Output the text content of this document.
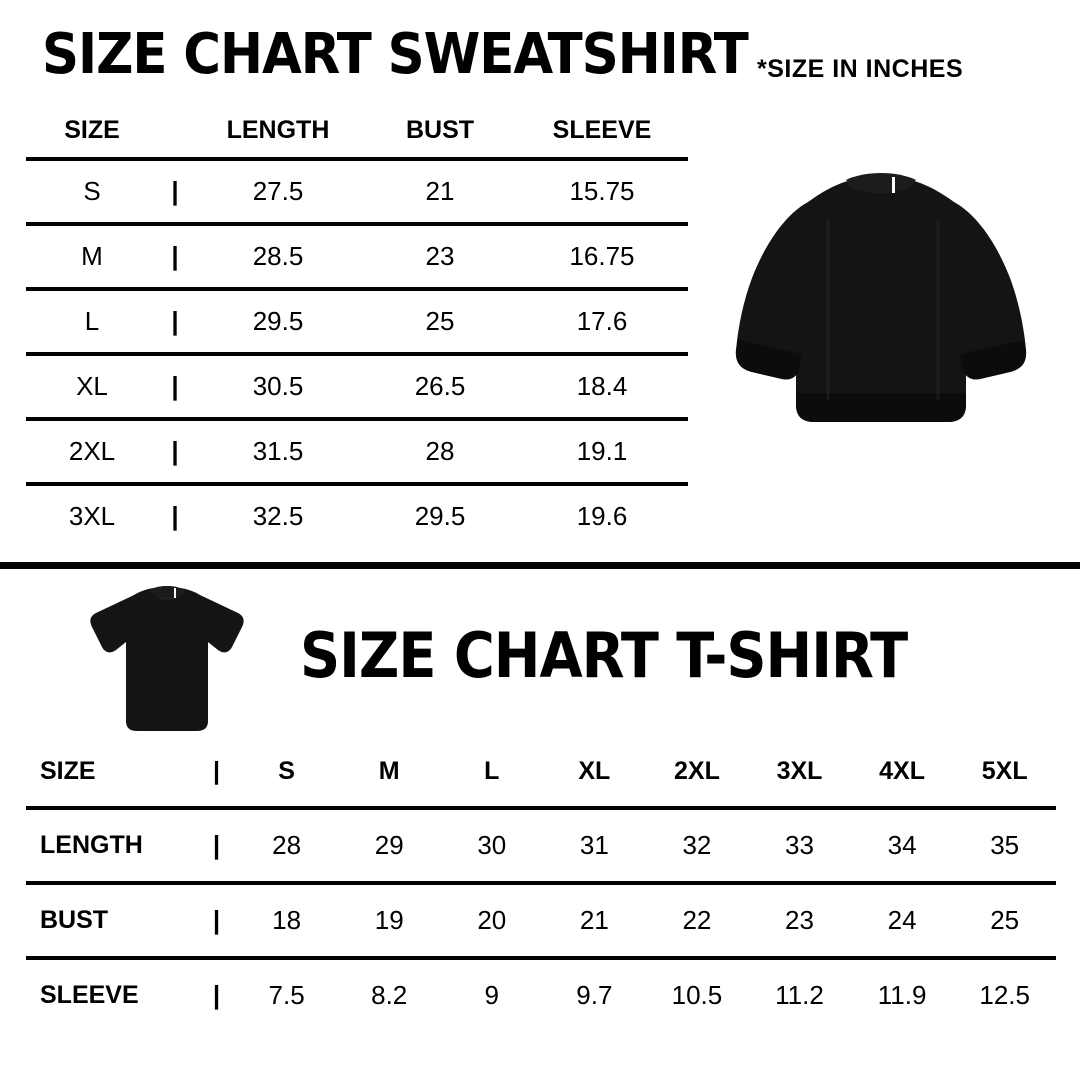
SIZE CHART SWEATSHIRT *SIZE IN INCHES
SIZE		LENGTH	BUST	SLEEVE
S	|	27.5	21	15.75
M	|	28.5	23	16.75
L	|	29.5	25	17.6
XL	|	30.5	26.5	18.4
2XL	|	31.5	28	19.1
3XL	|	32.5	29.5	19.6
SIZE CHART T-SHIRT
SIZE	|	S	M	L	XL	2XL	3XL	4XL	5XL
LENGTH	|	28	29	30	31	32	33	34	35
BUST	|	18	19	20	21	22	23	24	25
SLEEVE	|	7.5	8.2	9	9.7	10.5	11.2	11.9	12.5
